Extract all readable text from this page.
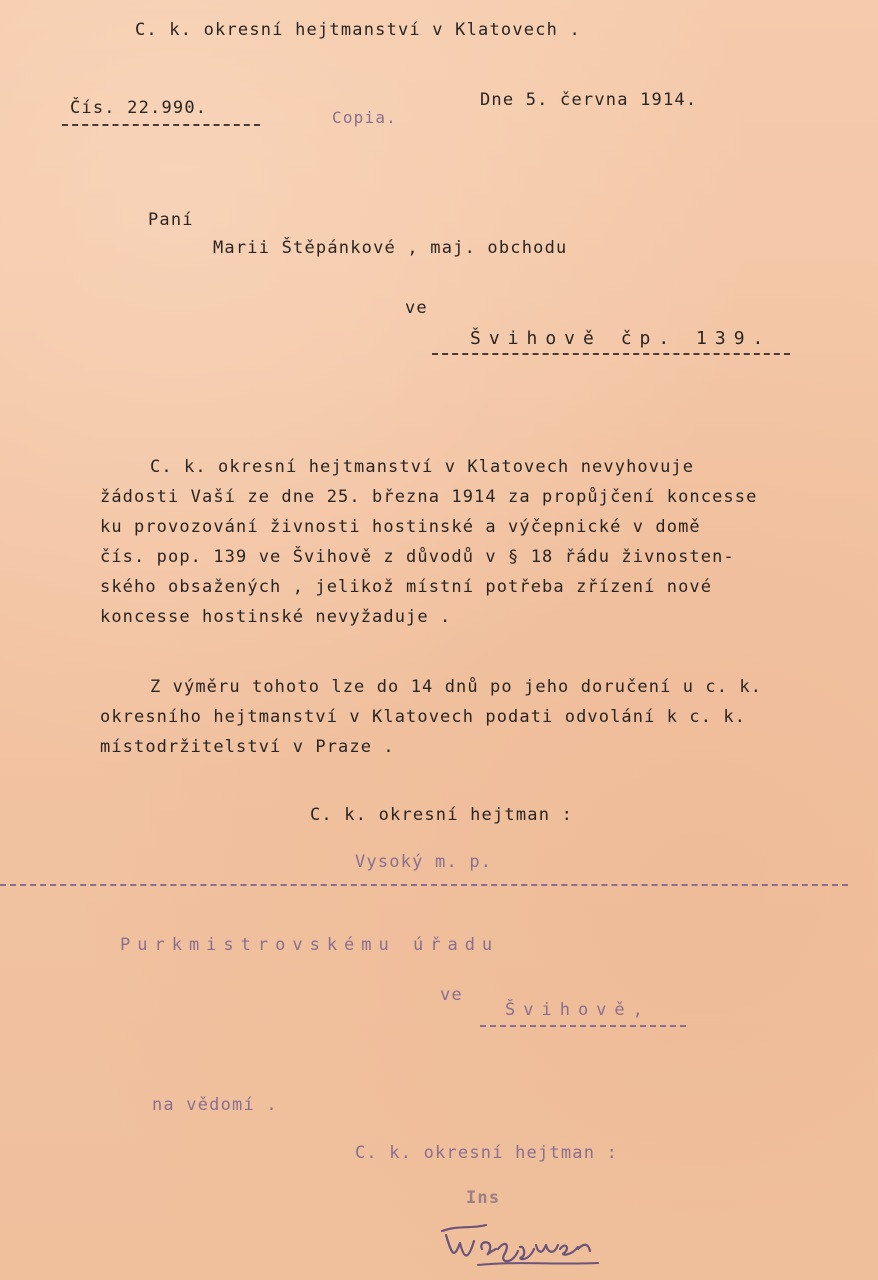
C. k. okresní hejtmanství v Klatovech .
Čís. 22.990.	Copia.
Dne 5. června 1914.
Paní
Marii Štěpánkové , maj. obchodu
ve
Švihově čp. 139.
C. k. okresní hejtmanství v Klatovech nevyhovuje
žádosti Vaší ze dne 25. března 1914 za propůjčení koncesse
ku provozování živnosti hostinské a výčepnické v domě
čís. pop. 139 ve Švihově z důvodů v § 18 řádu živnosten-
ského obsažených , jelikož místní potřeba zřízení nové
koncesse hostinské nevyžaduje .
Z výměru tohoto lze do 14 dnů po jeho doručení u c. k.
okresního hejtmanství v Klatovech podati odvolání k c. k.
místodržitelství v Praze .
C. k. okresní hejtman :
Vysoký m. p.
Purkmistrovskému úřadu
ve
Švihově,
na vědomí .
C. k. okresní hejtman :
Ins
